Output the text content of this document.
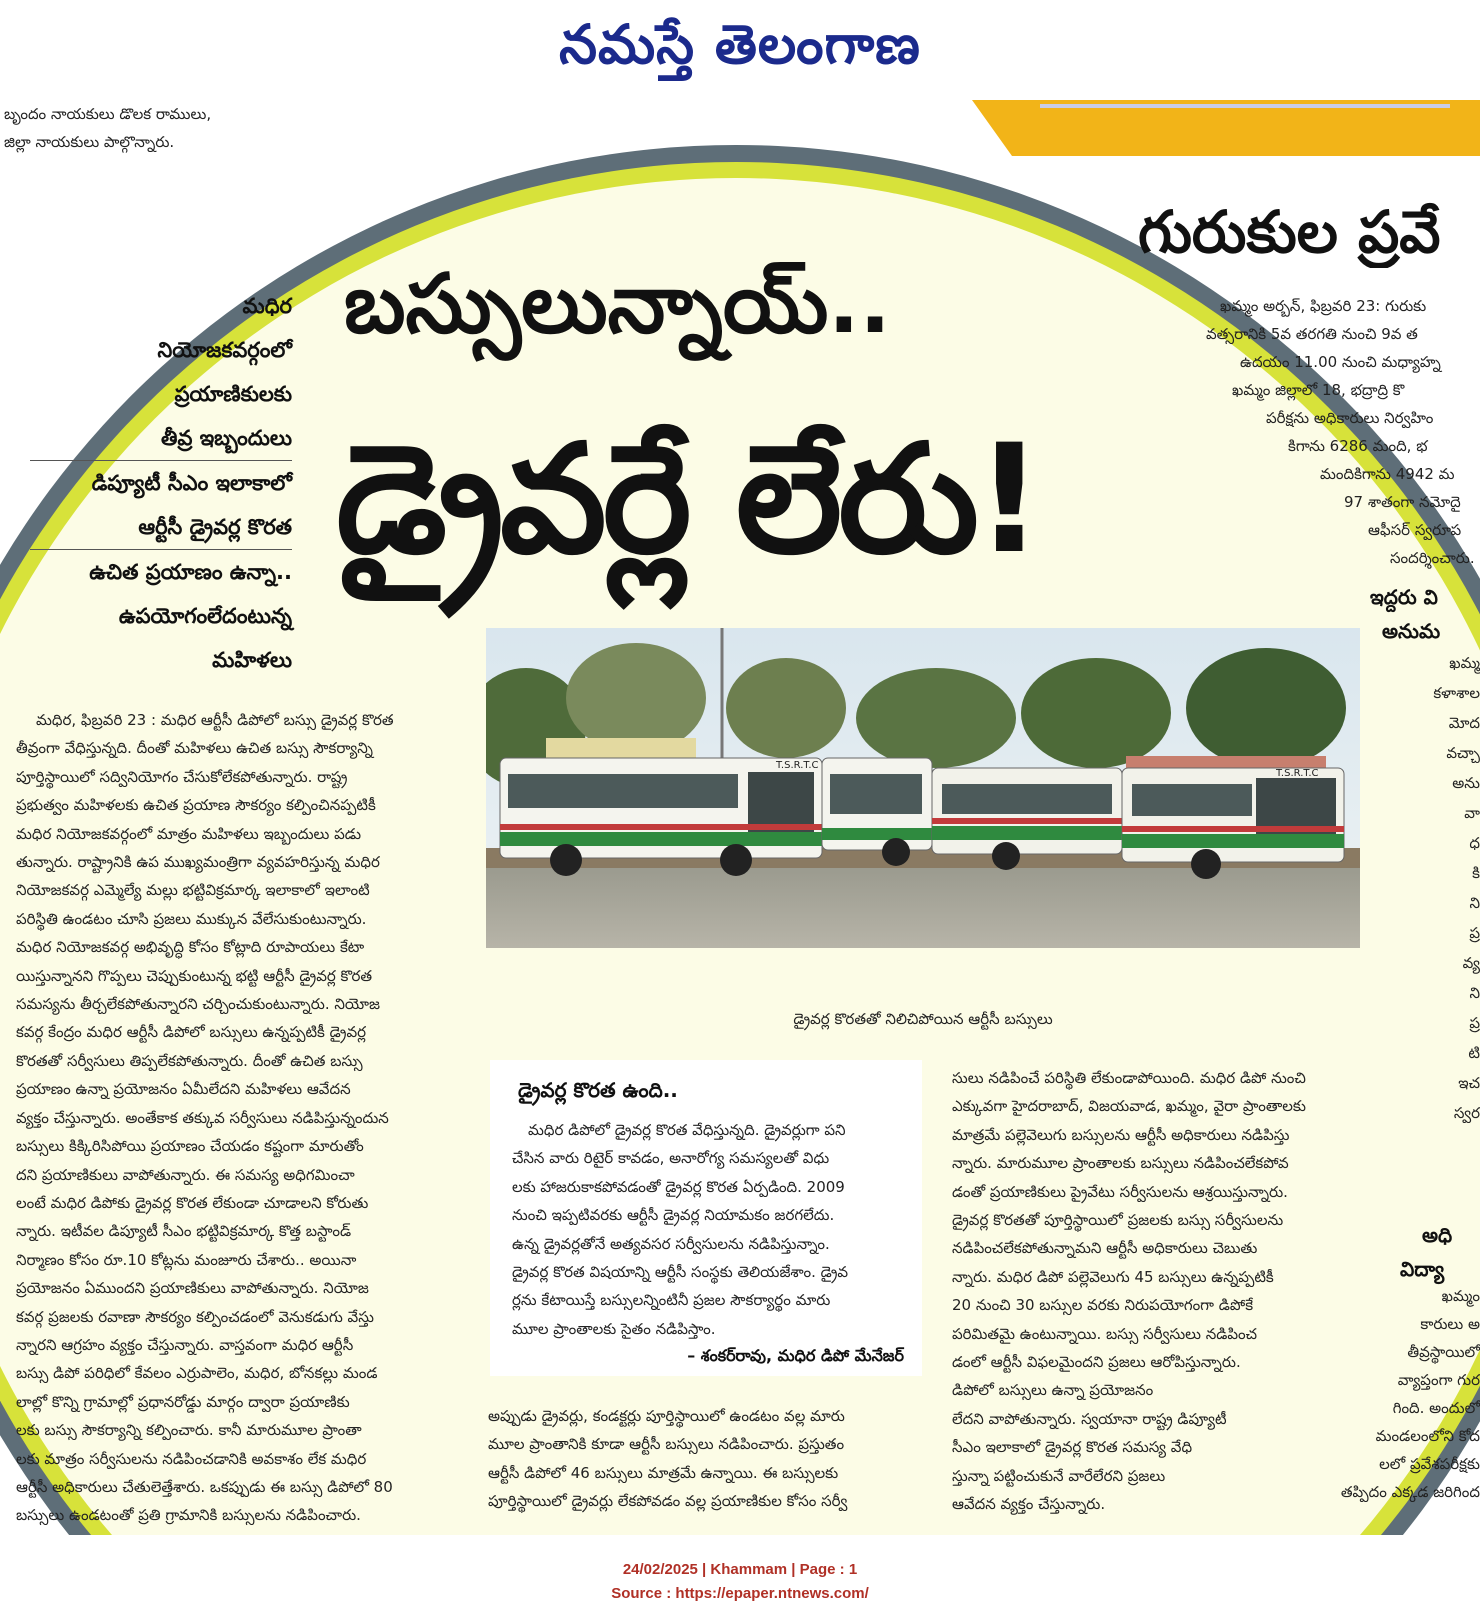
నమస్తే తెలంగాణ
బృందం నాయకులు డొలక రాములు,
జిల్లా నాయకులు పాల్గొన్నారు.
గురుకుల ప్రవే
ఖమ్మం అర్బన్, ఫిబ్రవరి 23: గురుకు
వత్సరానికి 5వ తరగతి నుంచి 9వ త
ఉదయం 11.00 నుంచి మధ్యాహ్న
ఖమ్మం జిల్లాలో 18, భద్రాద్రి కొ
పరీక్షను అధికారులు నిర్వహిం
కిగాను 6286 మంది, భ
మందికిగాను 4942 మ
97 శాతంగా నమోదై
ఆఫీసర్ స్వరూప
సందర్శించారు.
ఇద్దరు వి
అనుమ
ఖమ్మ
కళాశాల
మోద
వచ్చా
అను
వా
ధ
కి
ని
ప్ర
వ్య
ని
ప్ర
టి
ఇచ
స్వర
అధి
విద్యా
ఖమ్మం
కారులు అ
తీవ్రస్థాయిలో
వ్యాప్తంగా గుర
గింది. అందులో
మండలంలోని కోద
లలో ప్రవేశపరీక్షకు
తప్పిదం ఎక్కడ జరిగింద
మధిర
నియోజకవర్గంలో
ప్రయాణికులకు
తీవ్ర ఇబ్బందులు
డిప్యూటీ సీఎం ఇలాకాలో
ఆర్టీసీ డ్రైవర్ల కొరత
ఉచిత ప్రయాణం ఉన్నా..
ఉపయోగంలేదంటున్న
మహిళలు
బస్సులున్నాయ్..
డ్రైవర్లే లేరు!
T.S.R.T.C
T.S.R.T.C
డ్రైవర్ల కొరతతో నిలిచిపోయిన ఆర్టీసీ బస్సులు
మధిర, ఫిబ్రవరి 23 : మధిర ఆర్టీసీ డిపోలో బస్సు డ్రైవర్ల కొరత
తీవ్రంగా వేధిస్తున్నది. దీంతో మహిళలు ఉచిత బస్సు సౌకర్యాన్ని
పూర్తిస్థాయిలో సద్వినియోగం చేసుకోలేకపోతున్నారు. రాష్ట్ర
ప్రభుత్వం మహిళలకు ఉచిత ప్రయాణ సౌకర్యం కల్పించినప్పటికీ
మధిర నియోజకవర్గంలో మాత్రం మహిళలు ఇబ్బందులు పడు
తున్నారు. రాష్ట్రానికి ఉప ముఖ్యమంత్రిగా వ్యవహరిస్తున్న మధిర
నియోజకవర్గ ఎమ్మెల్యే మల్లు భట్టివిక్రమార్క ఇలాకాలో ఇలాంటి
పరిస్థితి ఉండటం చూసి ప్రజలు ముక్కున వేలేసుకుంటున్నారు.
మధిర నియోజకవర్గ అభివృద్ధి కోసం కోట్లాది రూపాయలు కేటా
యిస్తున్నానని గొప్పలు చెప్పుకుంటున్న భట్టి ఆర్టీసీ డ్రైవర్ల కొరత
సమస్యను తీర్చలేకపోతున్నారని చర్చించుకుంటున్నారు. నియోజ
కవర్గ కేంద్రం మధిర ఆర్టీసీ డిపోలో బస్సులు ఉన్నప్పటికీ డ్రైవర్ల
కొరతతో సర్వీసులు తిప్పలేకపోతున్నారు. దీంతో ఉచిత బస్సు
ప్రయాణం ఉన్నా ప్రయోజనం ఏమీలేదని మహిళలు ఆవేదన
వ్యక్తం చేస్తున్నారు. అంతేకాక తక్కువ సర్వీసులు నడిపిస్తున్నందున
బస్సులు కిక్కిరిసిపోయి ప్రయాణం చేయడం కష్టంగా మారుతోం
దని ప్రయాణికులు వాపోతున్నారు. ఈ సమస్య అధిగమించా
లంటే మధిర డిపోకు డ్రైవర్ల కొరత లేకుండా చూడాలని కోరుతు
న్నారు. ఇటీవల డిప్యూటీ సీఎం భట్టివిక్రమార్క కొత్త బస్టాండ్
నిర్మాణం కోసం రూ.10 కోట్లను మంజూరు చేశారు.. అయినా
ప్రయోజనం ఏముందని ప్రయాణికులు వాపోతున్నారు. నియోజ
కవర్గ ప్రజలకు రవాణా సౌకర్యం కల్పించడంలో వెనుకడుగు వేస్తు
న్నారని ఆగ్రహం వ్యక్తం చేస్తున్నారు. వాస్తవంగా మధిర ఆర్టీసీ
బస్సు డిపో పరిధిలో కేవలం ఎర్రుపాలెం, మధిర, బోనకల్లు మండ
లాల్లో కొన్ని గ్రామాల్లో ప్రధానరోడ్డు మార్గం ద్వారా ప్రయాణికు
లకు బస్సు సౌకర్యాన్ని కల్పించారు. కానీ మారుమూల ప్రాంతా
లకు మాత్రం సర్వీసులను నడిపించడానికి అవకాశం లేక మధిర
ఆర్టీసీ అధికారులు చేతులెత్తేశారు. ఒకప్పుడు ఈ బస్సు డిపోలో 80
బస్సులు ఉండటంతో ప్రతి గ్రామానికి బస్సులను నడిపించారు.
డ్రైవర్ల కొరత ఉంది..
మధిర డిపోలో డ్రైవర్ల కొరత వేధిస్తున్నది. డ్రైవర్లుగా పని
చేసిన వారు రిటైర్ కావడం, అనారోగ్య సమస్యలతో విధు
లకు హాజరుకాకపోవడంతో డ్రైవర్ల కొరత ఏర్పడింది. 2009
నుంచి ఇప్పటివరకు ఆర్టీసీ డ్రైవర్ల నియామకం జరగలేదు.
ఉన్న డ్రైవర్లతోనే అత్యవసర సర్వీసులను నడిపిస్తున్నాం.
డ్రైవర్ల కొరత విషయాన్ని ఆర్టీసీ సంస్థకు తెలియజేశాం. డ్రైవ
ర్లను కేటాయిస్తే బస్సులన్నింటినీ ప్రజల సౌకర్యార్థం మారు
మూల ప్రాంతాలకు సైతం నడిపిస్తాం.
– శంకర్‌రావు, మధిర డిపో మేనేజర్
అప్పుడు డ్రైవర్లు, కండక్టర్లు పూర్తిస్థాయిలో ఉండటం వల్ల మారు
మూల ప్రాంతానికి కూడా ఆర్టీసీ బస్సులు నడిపించారు. ప్రస్తుతం
ఆర్టీసీ డిపోలో 46 బస్సులు మాత్రమే ఉన్నాయి. ఈ బస్సులకు
పూర్తిస్థాయిలో డ్రైవర్లు లేకపోవడం వల్ల ప్రయాణికుల కోసం సర్వీ
సులు నడిపించే పరిస్థితి లేకుండాపోయింది. మధిర డిపో నుంచి
ఎక్కువగా హైదరాబాద్, విజయవాడ, ఖమ్మం, వైరా ప్రాంతాలకు
మాత్రమే పల్లెవెలుగు బస్సులను ఆర్టీసీ అధికారులు నడిపిస్తు
న్నారు. మారుమూల ప్రాంతాలకు బస్సులు నడిపించలేకపోవ
డంతో ప్రయాణికులు ప్రైవేటు సర్వీసులను ఆశ్రయిస్తున్నారు.
డ్రైవర్ల కొరతతో పూర్తిస్థాయిలో ప్రజలకు బస్సు సర్వీసులను
నడిపించలేకపోతున్నామని ఆర్టీసీ అధికారులు చెబుతు
న్నారు. మధిర డిపో పల్లెవెలుగు 45 బస్సులు ఉన్నప్పటికీ
20 నుంచి 30 బస్సుల వరకు నిరుపయోగంగా డిపోకే
పరిమితమై ఉంటున్నాయి. బస్సు సర్వీసులు నడిపించ
డంలో ఆర్టీసీ విఫలమైందని ప్రజలు ఆరోపిస్తున్నారు.
డిపోలో బస్సులు ఉన్నా ప్రయోజనం
లేదని వాపోతున్నారు. స్వయానా రాష్ట్ర డిప్యూటీ
సీఎం ఇలాకాలో డ్రైవర్ల కొరత సమస్య వేధి
స్తున్నా పట్టించుకునే వారేలేరని ప్రజలు
ఆవేదన వ్యక్తం చేస్తున్నారు.
24/02/2025 | Khammam | Page : 1
Source : https://epaper.ntnews.com/
